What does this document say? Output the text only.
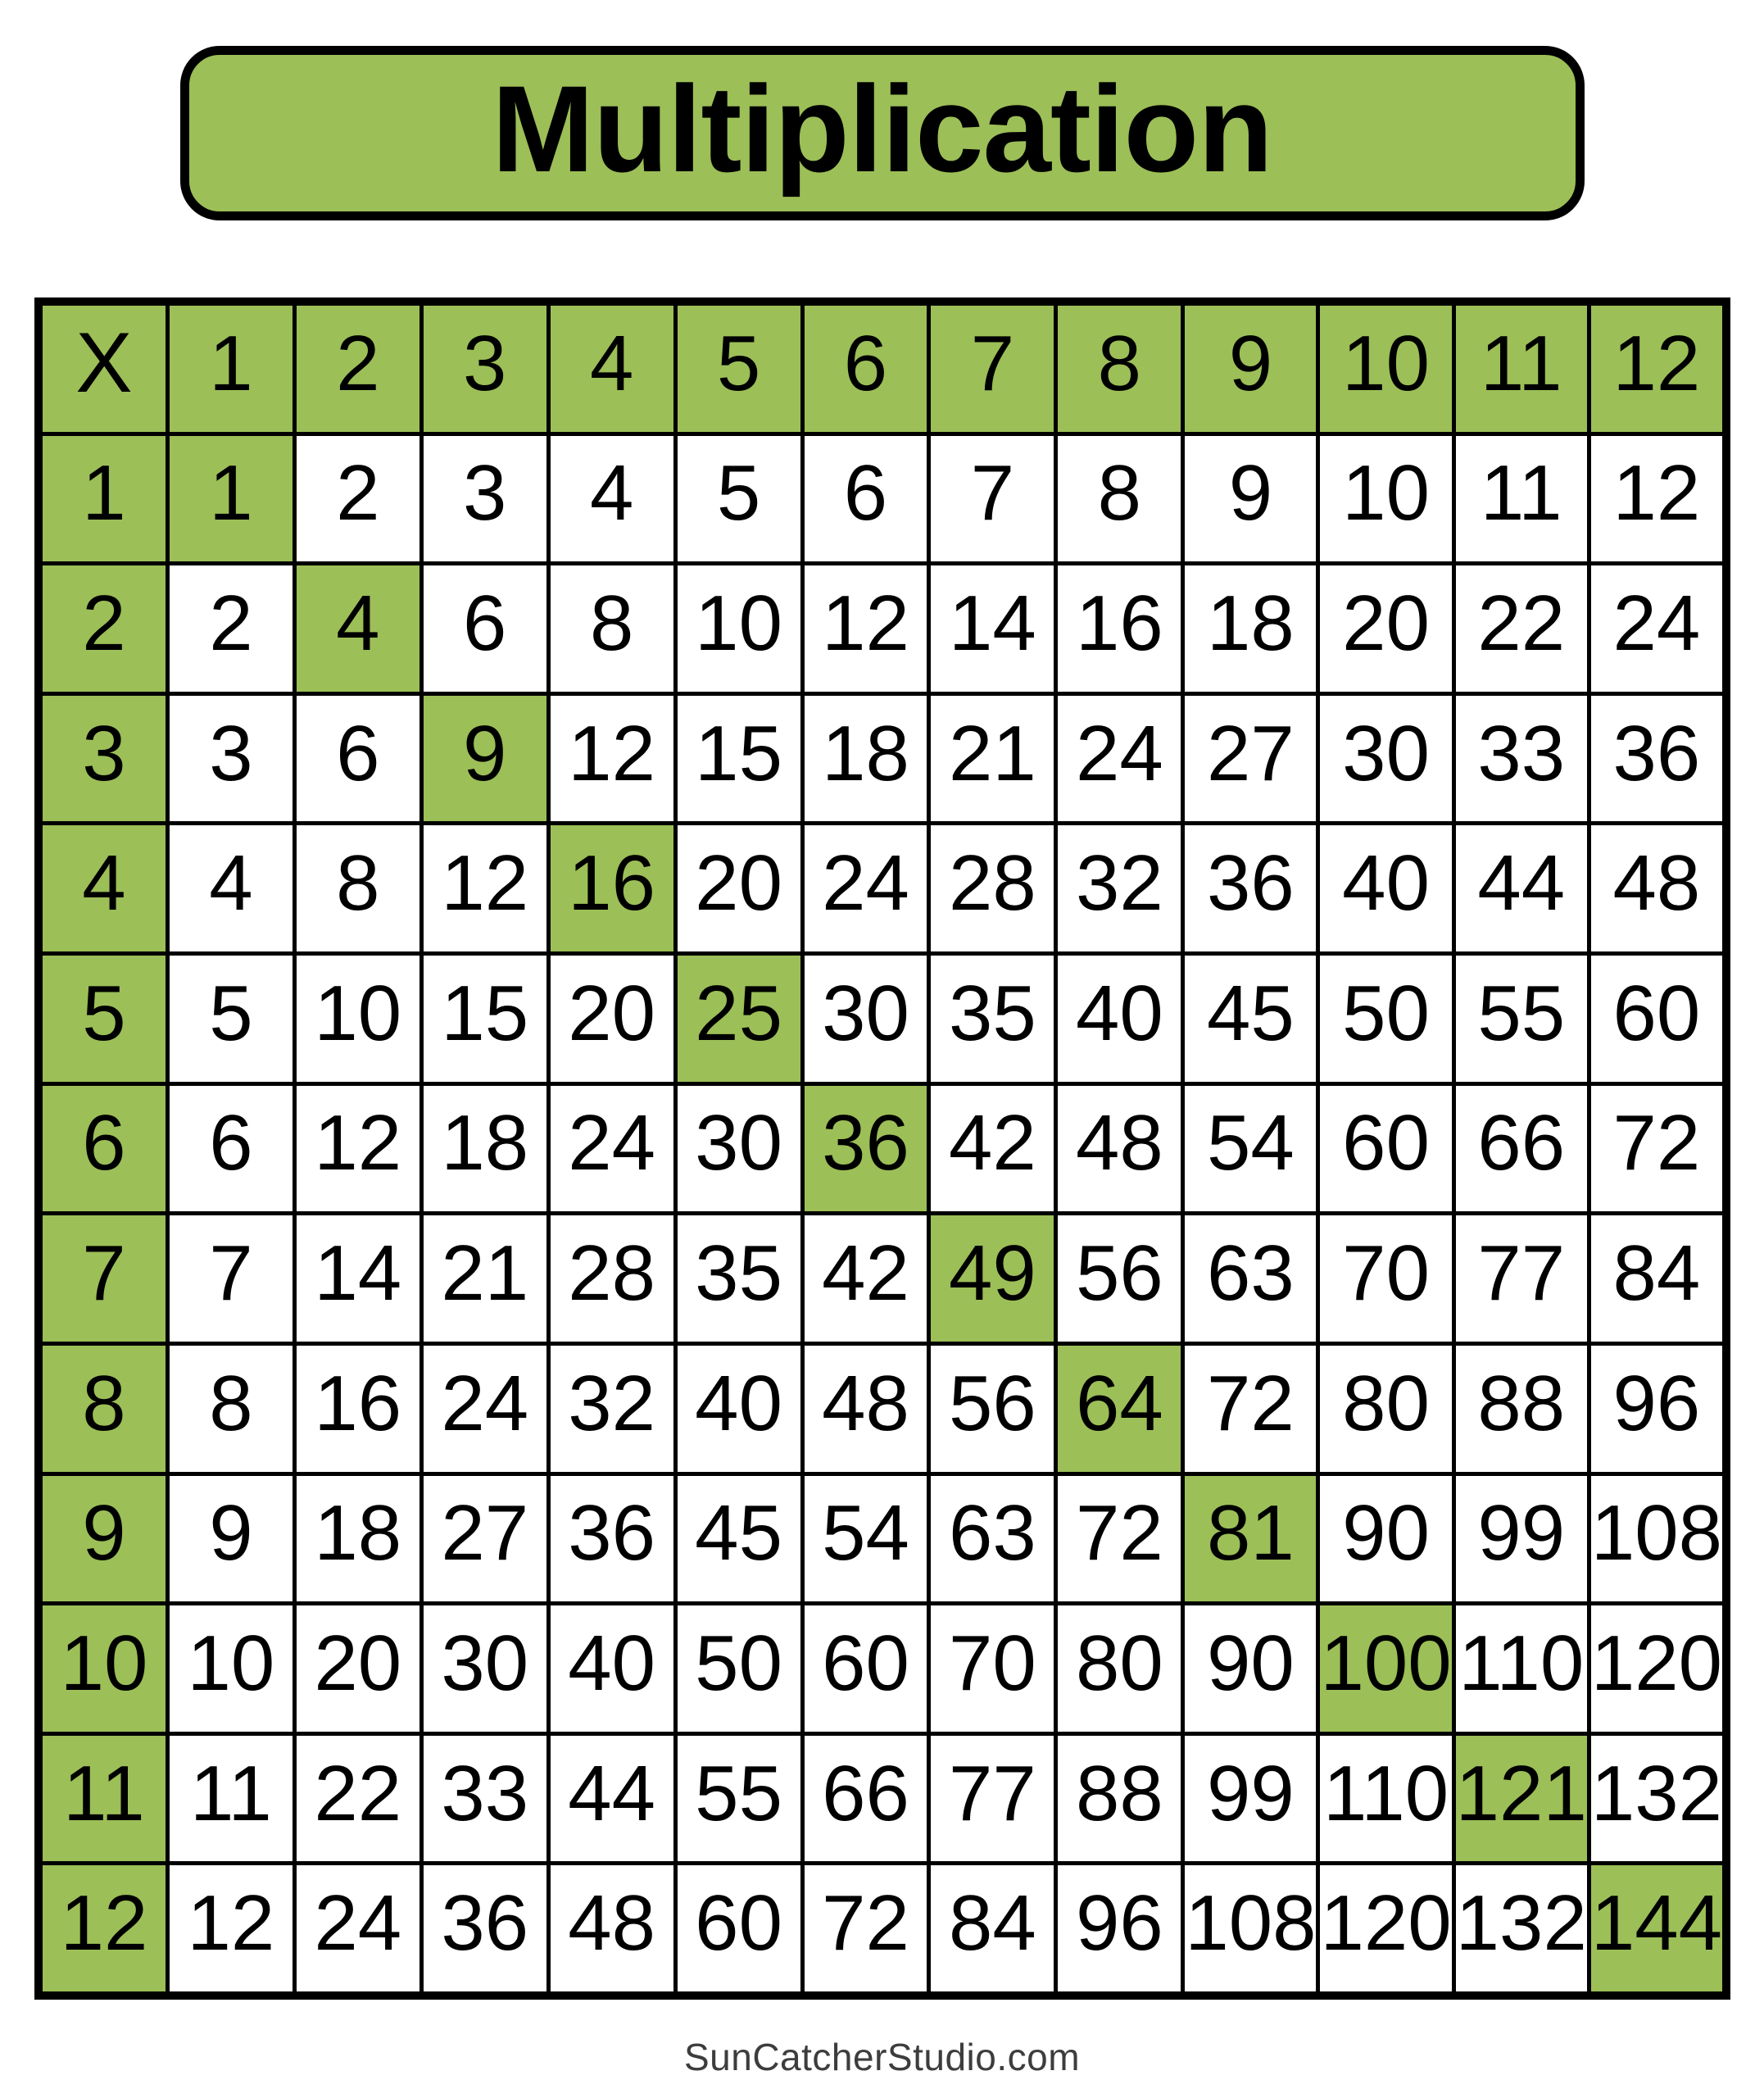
Multiplication
X 1	2	3	4	5	6	7	8	9 10 11 12
1	1	2	3	4	5	6	7	8	9 10 11 12
2	2	4	6	8 10 12 14 16 18 20 22 24
3	3	6	9 12 15 18 21 24 27 30 33 36
4	4	8 12 16 20 24 28 32 36 40 44 48
5	5 10 15 20 25 30 35 40 45 50 55 60
6	6 12 18 24 30 36 42 48 54 60 66 72
7	7 14 21 28 35 42 49 56 63 70 77 84
8	8 16 24 32 40 48 56 64 72 80 88 96
9	9 18 27 36 45 54 63 72 81 90 99 108
10 10 20 30 40 50 60 70 80 90 100 110 120
11 11 22 33 44 55 66 77 88 99 110 121 132
12 12 24 36 48 60 72 84 96 108 120 132 144
SunCatcherStudio.com
